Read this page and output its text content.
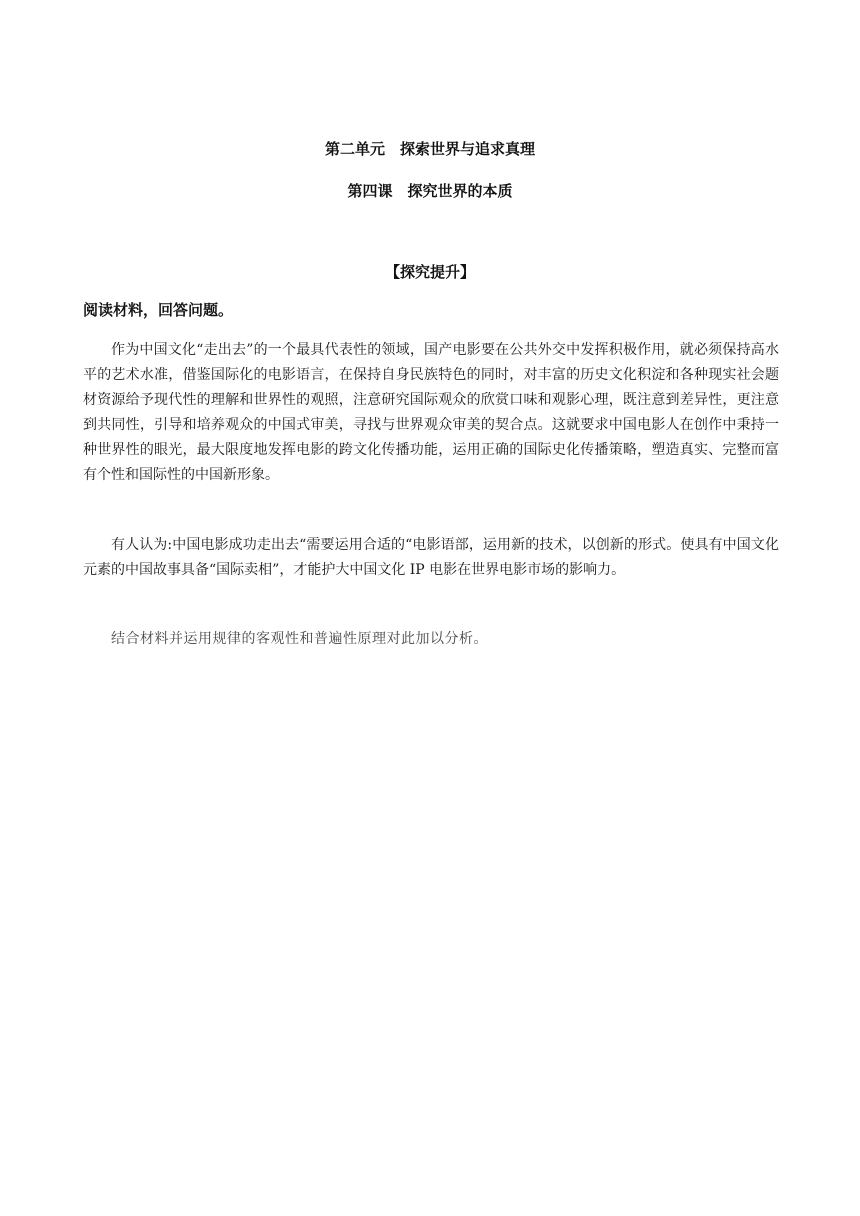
第二单元　探索世界与追求真理
第四课　探究世界的本质
【探究提升】
阅读材料，回答问题。
作为中国文化“走出去”的一个最具代表性的领域，国产电影要在公共外交中发挥积极作用，就必须保持高水平的艺术水准，借鉴国际化的电影语言，在保持自身民族特色的同时，对丰富的历史文化积淀和各种现实社会题材资源给予现代性的理解和世界性的观照，注意研究国际观众的欣赏口味和观影心理，既注意到差异性，更注意到共同性，引导和培养观众的中国式审美，寻找与世界观众审美的契合点。这就要求中国电影人在创作中秉持一种世界性的眼光，最大限度地发挥电影的跨文化传播功能，运用正确的国际史化传播策略，塑造真实、完整而富有个性和国际性的中国新形象。
有人认为:中国电影成功走出去“需要运用合适的“电影语部，运用新的技术，以创新的形式。使具有中国文化元素的中国故事具备“国际卖相”，才能护大中国文化 IP 电影在世界电影市场的影响力。
结合材料并运用规律的客观性和普遍性原理对此加以分析。
